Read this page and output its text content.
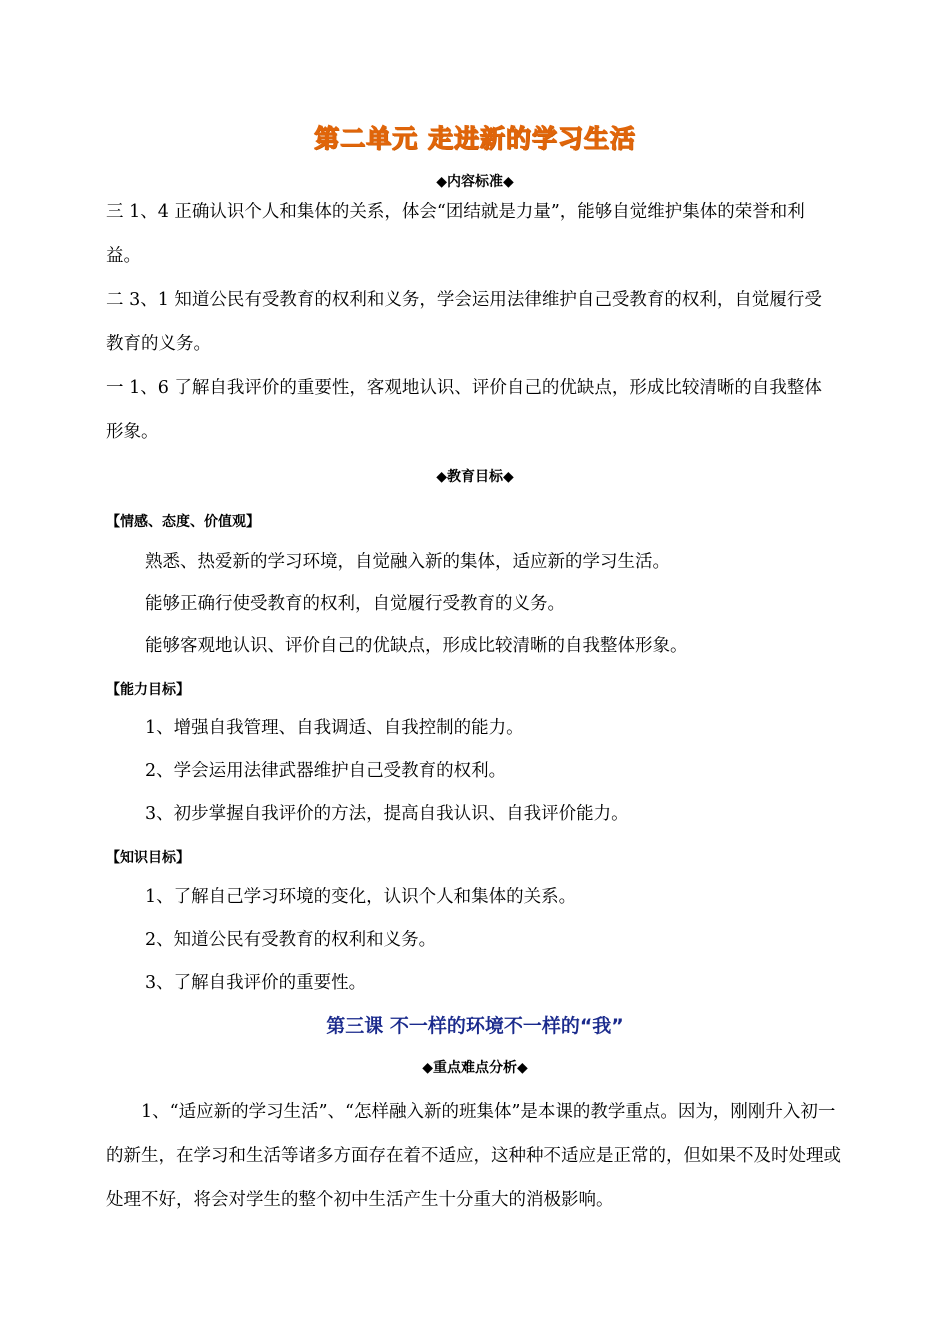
第二单元 走进新的学习生活
◆内容标准◆

三 1、4 正确认识个人和集体的关系，体会“团结就是力量”，能够自觉维护集体的荣誉和利益。

二 3、1 知道公民有受教育的权利和义务，学会运用法律维护自己受教育的权利，自觉履行受教育的义务。

一 1、6 了解自我评价的重要性，客观地认识、评价自己的优缺点，形成比较清晰的自我整体形象。

◆教育目标◆
【情感、态度、价值观】
熟悉、热爱新的学习环境，自觉融入新的集体，适应新的学习生活。
能够正确行使受教育的权利，自觉履行受教育的义务。
能够客观地认识、评价自己的优缺点，形成比较清晰的自我整体形象。
【能力目标】
1、增强自我管理、自我调适、自我控制的能力。
2、学会运用法律武器维护自己受教育的权利。
3、初步掌握自我评价的方法，提高自我认识、自我评价能力。
【知识目标】
1、了解自己学习环境的变化，认识个人和集体的关系。
2、知道公民有受教育的权利和义务。
3、了解自我评价的重要性。
第三课 不一样的环境不一样的“我”
◆重点难点分析◆

1、“适应新的学习生活”、“怎样融入新的班集体”是本课的教学重点。因为，刚刚升入初一的新生，在学习和生活等诸多方面存在着不适应，这种种不适应是正常的，但如果不及时处理或处理不好，将会对学生的整个初中生活产生十分重大的消极影响。
